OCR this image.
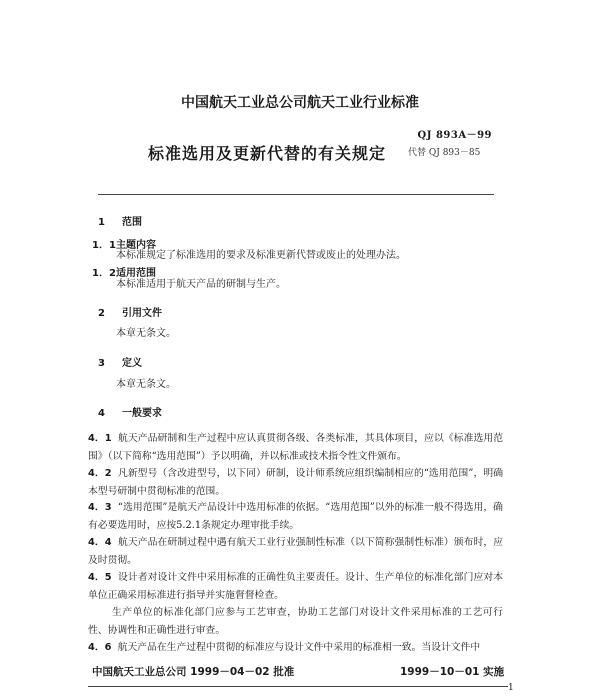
中国航天工业总公司航天工业行业标准
QJ 893A－99
标准选用及更新代替的有关规定 代替 QJ 893－85
1 范围
1．1主题内容
本标准规定了标准选用的要求及标准更新代替或废止的处理办法。
1．2适用范围
本标准适用于航天产品的研制与生产。
2 引用文件
本章无条文。
3 定义
本章无条文。
4 一般要求
4．1 航天产品研制和生产过程中应认真贯彻各级、各类标准，其具体项目，应以《标准选用范围》（以下简称“选用范围”）予以明确，并以标准或技术指令性文件颁布。
4．2 凡新型号（含改进型号，以下同）研制，设计师系统应组织编制相应的“选用范围”，明确本型号研制中贯彻标准的范围。
4．3 “选用范围”是航天产品设计中选用标准的依据。“选用范围”以外的标准一般不得选用，确有必要选用时，应按5.2.1条规定办理审批手续。
4．4 航天产品在研制过程中遇有航天工业行业强制性标准（以下简称强制性标准）颁布时，应及时贯彻。
4．5 设计者对设计文件中采用标准的正确性负主要责任。设计、生产单位的标准化部门应对本单位正确采用标准进行指导并实施督督检查。
生产单位的标准化部门应参与工艺审查，协助工艺部门对设计文件采用标准的工艺可行性、协调性和正确性进行审查。
4．6 航天产品在生产过程中贯彻的标准应与设计文件中采用的标准相一致。当设计文件中
中国航天工业总公司 1999－04－02 批准	1999－10－01 实施
1
